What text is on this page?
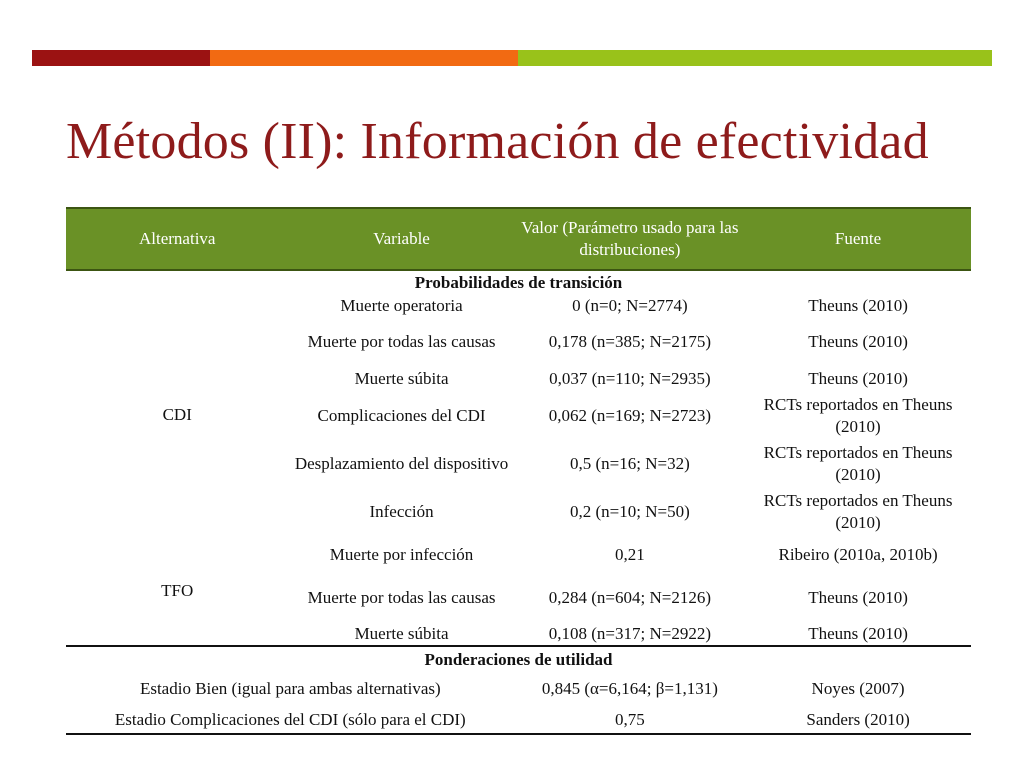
Métodos (II): Información de efectividad
Alternativa	Variable	Valor (Parámetro usado para las distribuciones)	Fuente
Probabilidades de transición			
CDI	Muerte operatoria	0 (n=0; N=2774)	Theuns (2010)
	Muerte por todas las causas	0,178 (n=385; N=2175)	Theuns (2010)
	Muerte súbita	0,037 (n=110; N=2935)	Theuns (2010)
	Complicaciones del CDI	0,062 (n=169; N=2723)	RCTs reportados en Theuns (2010)
	Desplazamiento del dispositivo	0,5 (n=16; N=32)	RCTs reportados en Theuns (2010)
	Infección	0,2 (n=10; N=50)	RCTs reportados en Theuns (2010)
TFO	Muerte por infección	0,21	Ribeiro (2010a, 2010b)
	Muerte por todas las causas	0,284 (n=604; N=2126)	Theuns (2010)
	Muerte súbita	0,108 (n=317; N=2922)	Theuns (2010)
Ponderaciones de utilidad			
Estadio Bien (igual para ambas alternativas)		0,845 (α=6,164; β=1,131)	Noyes (2007)
Estadio Complicaciones del CDI (sólo para el CDI)		0,75	Sanders (2010)
